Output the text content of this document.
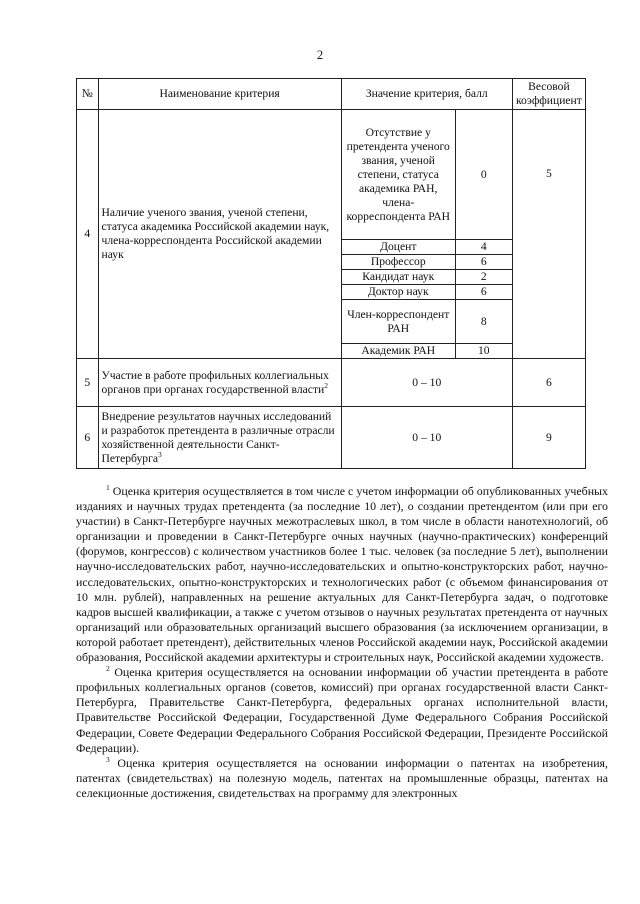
2
№	Наименование критерия	Значение критерия, балл		Весовой коэффициент
4	Наличие ученого звания, ученой степени, статуса академика Российской академии наук, члена-корреспондента Российской академии наук	Отсутствие у претендента ученого звания, ученой степени, статуса академика РАН, члена-корреспондента РАН	0	5

		Доцент	4	
		Профессор	6	
		Кандидат наук	2	
		Доктор наук	6	
		Член-корреспондент РАН	8	
		Академик РАН	10	
5	Участие в работе профильных коллегиальных органов при органах государственной власти$^2$	0 – 10		6
6	Внедрение результатов научных исследований и разработок претендента в различные отрасли хозяйственной деятельности Санкт-Петербурга$^3$	0 – 10		9

$^1$ Оценка критерия осуществляется в том числе с учетом информации об опубликованных учебных изданиях и научных трудах претендента (за последние 10 лет), о создании претендентом (или при его участии) в Санкт-Петербурге научных межотраслевых школ, в том числе в области нанотехнологий, об организации и проведении в Санкт-Петербурге очных научных (научно-практических) конференций (форумов, конгрессов) с количеством участников более 1 тыс. человек (за последние 5 лет), выполнении научно-исследовательских работ, научно-исследовательских и опытно-конструкторских работ, научно-исследовательских, опытно-конструкторских и технологических работ (с объемом финансирования от 10 млн. рублей), направленных на решение актуальных для Санкт-Петербурга задач, о подготовке кадров высшей квалификации, а также с учетом отзывов о научных результатах претендента от научных организаций или образовательных организаций высшего образования (за исключением организации, в которой работает претендент), действительных членов Российской академии наук, Российской академии образования, Российской академии архитектуры и строительных наук, Российской академии художеств.

$^2$ Оценка критерия осуществляется на основании информации об участии претендента в работе профильных коллегиальных органов (советов, комиссий) при органах государственной власти Санкт-Петербурга, Правительстве Санкт-Петербурга, федеральных органах исполнительной власти, Правительстве Российской Федерации, Государственной Думе Федерального Собрания Российской Федерации, Совете Федерации Федерального Собрания Российской Федерации, Президенте Российской Федерации).

$^3$ Оценка критерия осуществляется на основании информации о патентах на изобретения, патентах (свидетельствах) на полезную модель, патентах на промышленные образцы, патентах на селекционные достижения, свидетельствах на программу для электронных
